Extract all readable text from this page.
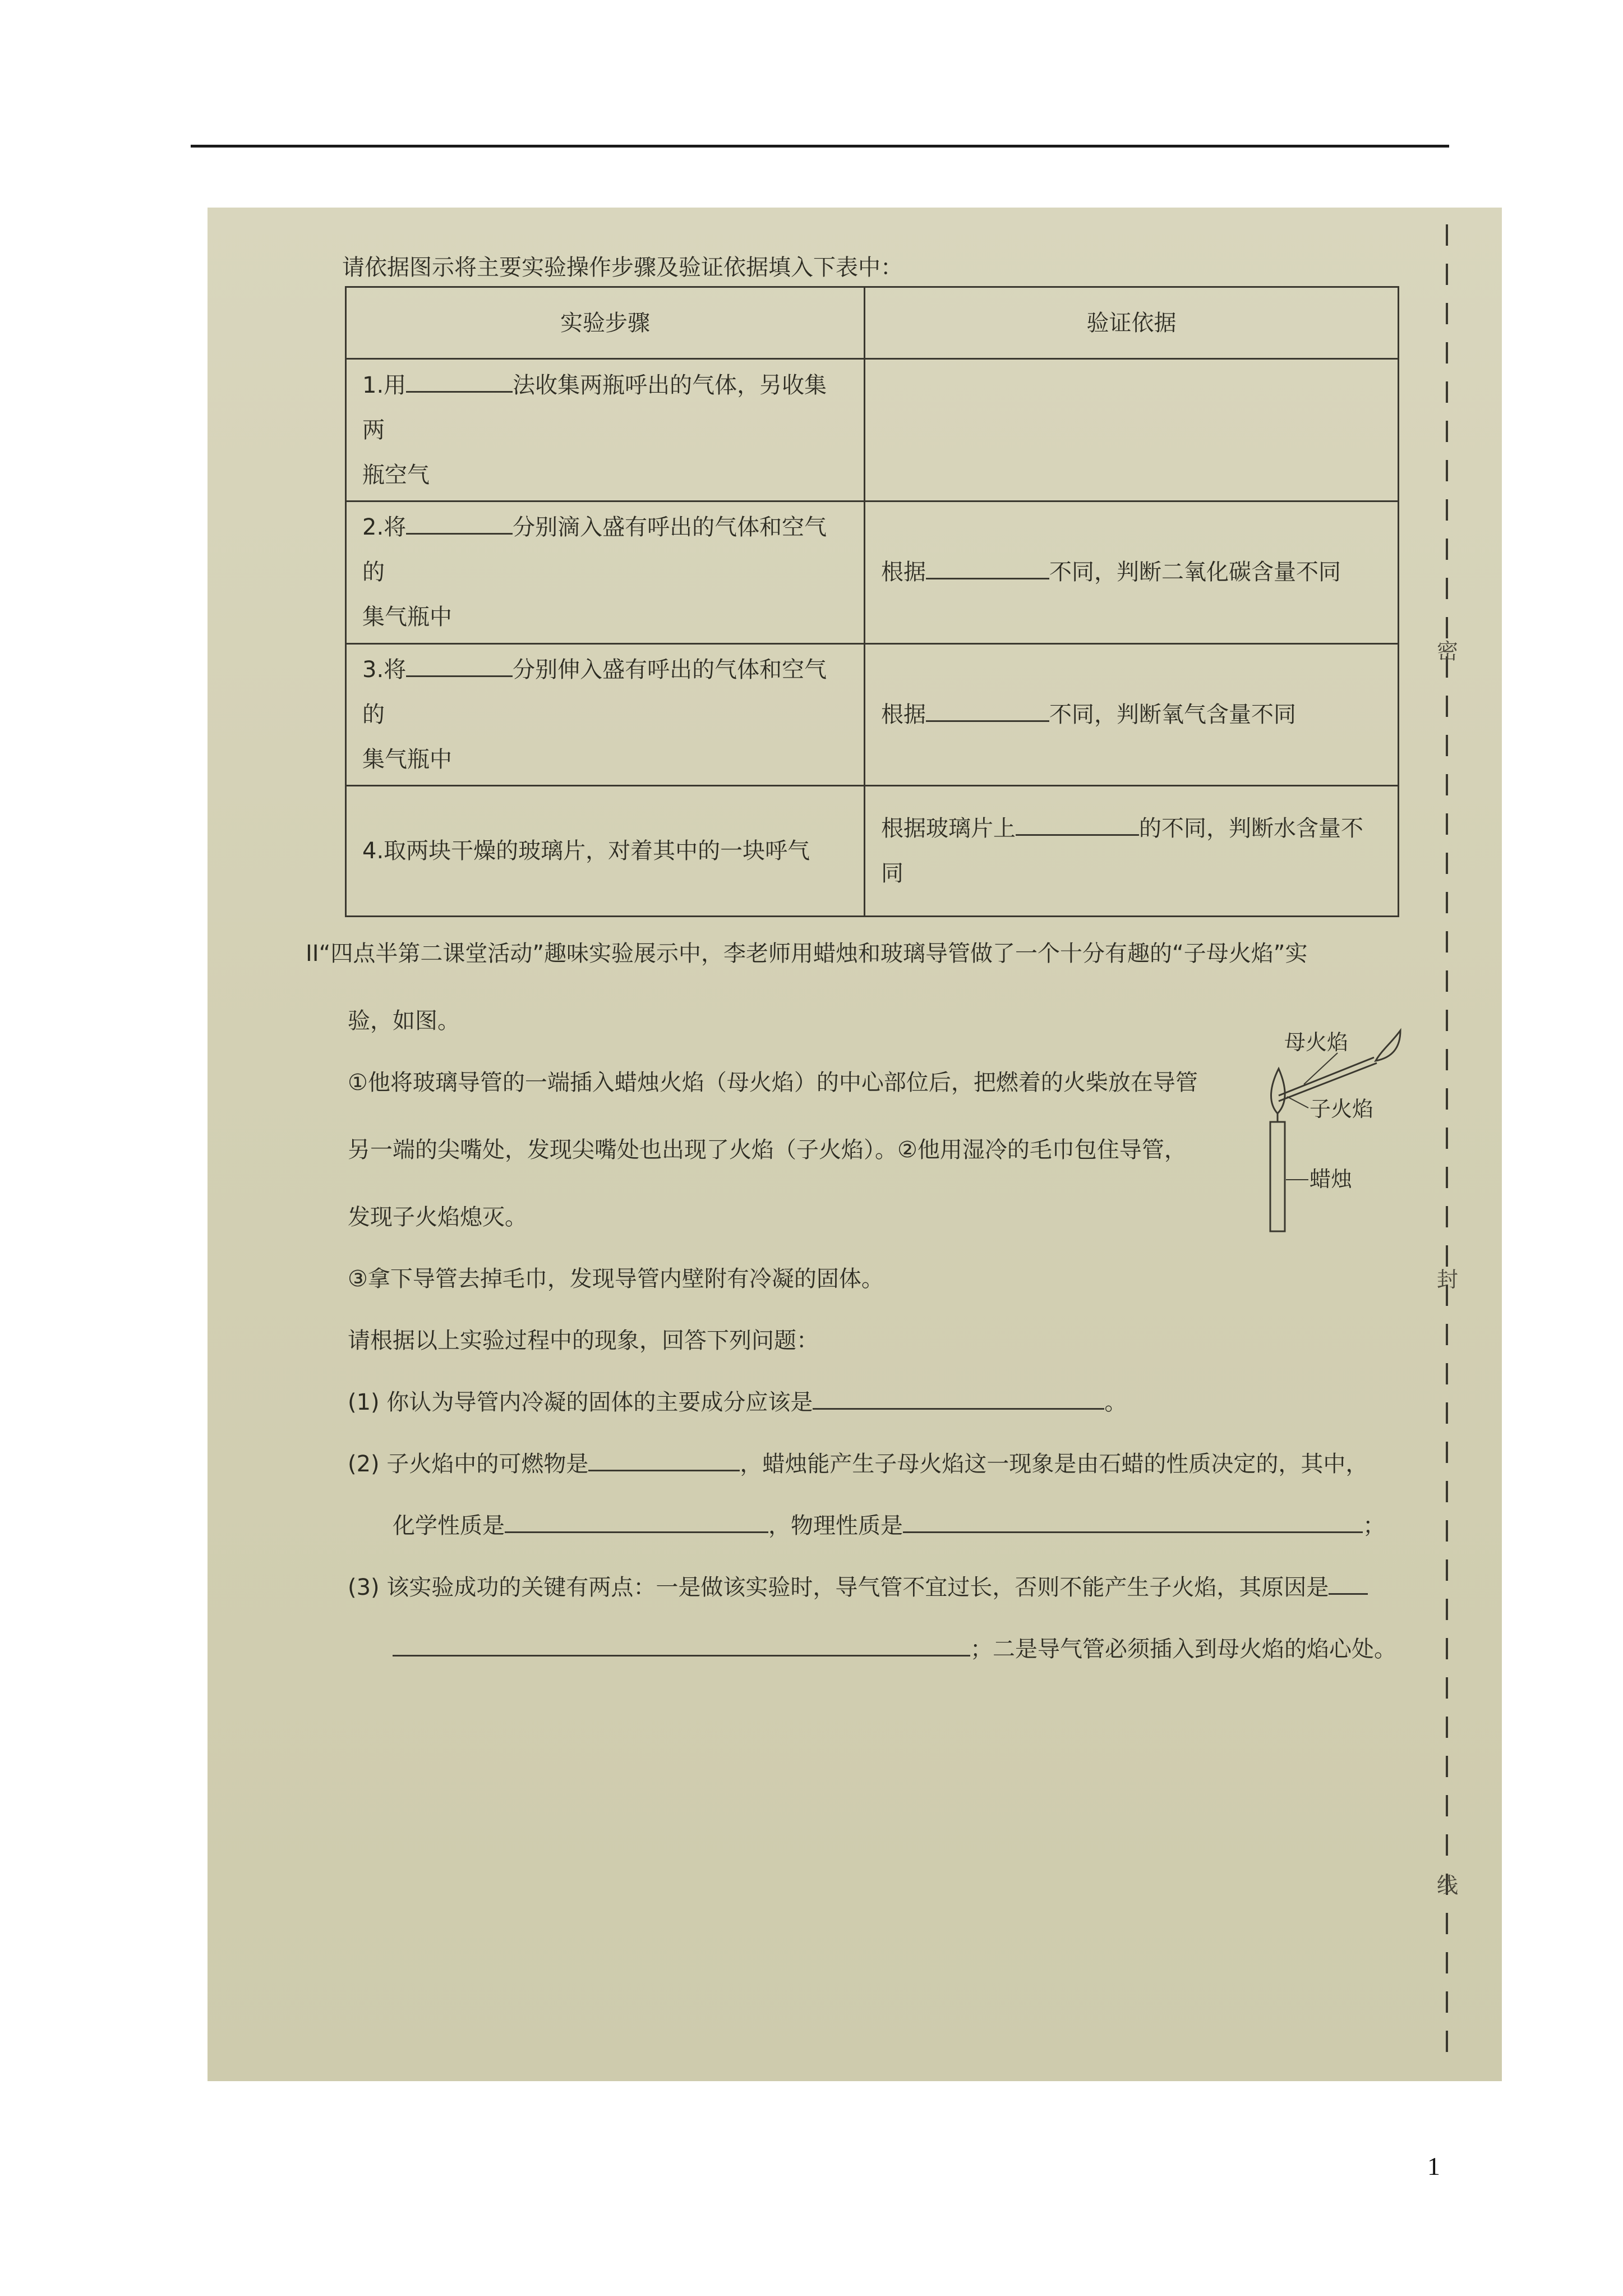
请依据图示将主要实验操作步骤及验证依据填入下表中：
实验步骤	验证依据
1.用 法收集两瓶呼出的气体，另收集两
瓶空气	
2.将 分别滴入盛有呼出的气体和空气的
集气瓶中	根据 不同，判断二氧化碳含量不同
3.将 分别伸入盛有呼出的气体和空气的
集气瓶中	根据 不同，判断氧气含量不同
4.取两块干燥的玻璃片，对着其中的一块呼气	根据玻璃片上 的不同，判断水含量不同
II“四点半第二课堂活动”趣味实验展示中，李老师用蜡烛和玻璃导管做了一个十分有趣的“子母火焰”实
验，如图。
①他将玻璃导管的一端插入蜡烛火焰（母火焰）的中心部位后，把燃着的火柴放在导管
另一端的尖嘴处，发现尖嘴处也出现了火焰（子火焰）。②他用湿冷的毛巾包住导管，
发现子火焰熄灭。
③拿下导管去掉毛巾，发现导管内壁附有冷凝的固体。
请根据以上实验过程中的现象，回答下列问题：
(1) 你认为导管内冷凝的固体的主要成分应该是	。
(2) 子火焰中的可燃物是	，蜡烛能产生子母火焰这一现象是由石蜡的性质决定的，其中，
化学性质是	，物理性质是	；
(3) 该实验成功的关键有两点：一是做该实验时，导气管不宜过长，否则不能产生子火焰，其原因是
；二是导气管必须插入到母火焰的焰心处。
母火焰
子火焰
蜡烛
密
封
线
1
